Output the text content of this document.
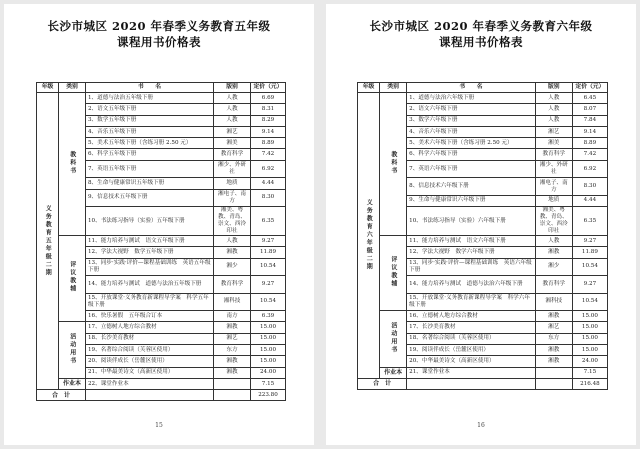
长沙市城区 2020 年春季义务教育五年级
课程用书价格表
年级	类别	书　　名	版别	定价（元）
义务教育五年级二期	教科书	1、道德与法治五年级下册	人教	6.69
		2、语文五年级下册	人教	8.31
		3、数学五年级下册	人教	8.29
		4、音乐五年级下册	湘艺	9.14
		5、美术五年级下册（含练习册 2.50 元）	湘美	8.89
		6、科学五年级下册	教育科学	7.42
		7、英语五年级下册	湘少、外研社	6.92
		8、生命与健康常识五年级下册	地质	4.44
		9、信息技术五年级下册	湘电子、南方	8.30
		10、书法练习指导（实验）五年级下册	湘美、粤教、青岛、崇文、西泠印社	6.35
	评议教辅	11、能力培养与测试　语文五年级下册	人教	9.27
		12、学法大视野　数学五年级下册	湘教	11.89
		13、同步·实践·评价—课程基础训练　英语五年级下册	湘少	10.54
		14、能力培养与测试　道德与法治五年级下册	教育科学	9.27
		15、开放课堂·义务教育新课程导学案　科学五年级下册	湘科技	10.54
		16、快乐暑假　五年级合订本	南方	6.39
	活动用书	17、立德树人地方综合教材	湘教	15.00
		18、长沙美育教材	湘艺	15.00
		19、名著综合阅读（芙蓉区使用）	东方	15.00
		20、阅读伴成长（岳麓区使用）	湘教	15.00
		21、中华最美诗文（高新区使用）	湘教	24.00
	作业本	22、课堂作业本		7.15
合　计				223.80
15
长沙市城区 2020 年春季义务教育六年级
课程用书价格表
年级	类别	书　　名	版别	定价（元）
义务教育六年级二期	教科书	1、道德与法治六年级下册	人教	6.45
		2、语文六年级下册	人教	8.07
		3、数学六年级下册	人教	7.84
		4、音乐六年级下册	湘艺	9.14
		5、美术六年级下册（含练习册 2.50 元）	湘美	8.89
		6、科学六年级下册	教育科学	7.42
		7、英语六年级下册	湘少、外研社	6.92
		8、信息技术六年级下册	湘电子、南方	8.30
		9、生命与健康常识六年级下册	地质	4.44
		10、书法练习指导（实验）六年级下册	湘美、粤教、青岛、崇文、西泠印社	6.35
	评议教辅	11、能力培养与测试　语文六年级下册	人教	9.27
		12、学法大视野　数学六年级下册	湘教	11.89
		13、同步·实践·评价—课程基础训练　英语六年级下册	湘少	10.54
		14、能力培养与测试　道德与法治六年级下册	教育科学	9.27
		15、开放课堂·义务教育新课程导学案　科学六年级下册	湘科技	10.54
	活动用书	16、立德树人地方综合教材	湘教	15.00
		17、长沙美育教材	湘艺	15.00
		18、名著综合阅读（芙蓉区使用）	东方	15.00
		19、阅读伴成长（岳麓区使用）	湘教	15.00
		20、中华最美诗文（高新区使用）	湘教	24.00
	作业本	21、课堂作业本		7.15
合　计				216.48
16
